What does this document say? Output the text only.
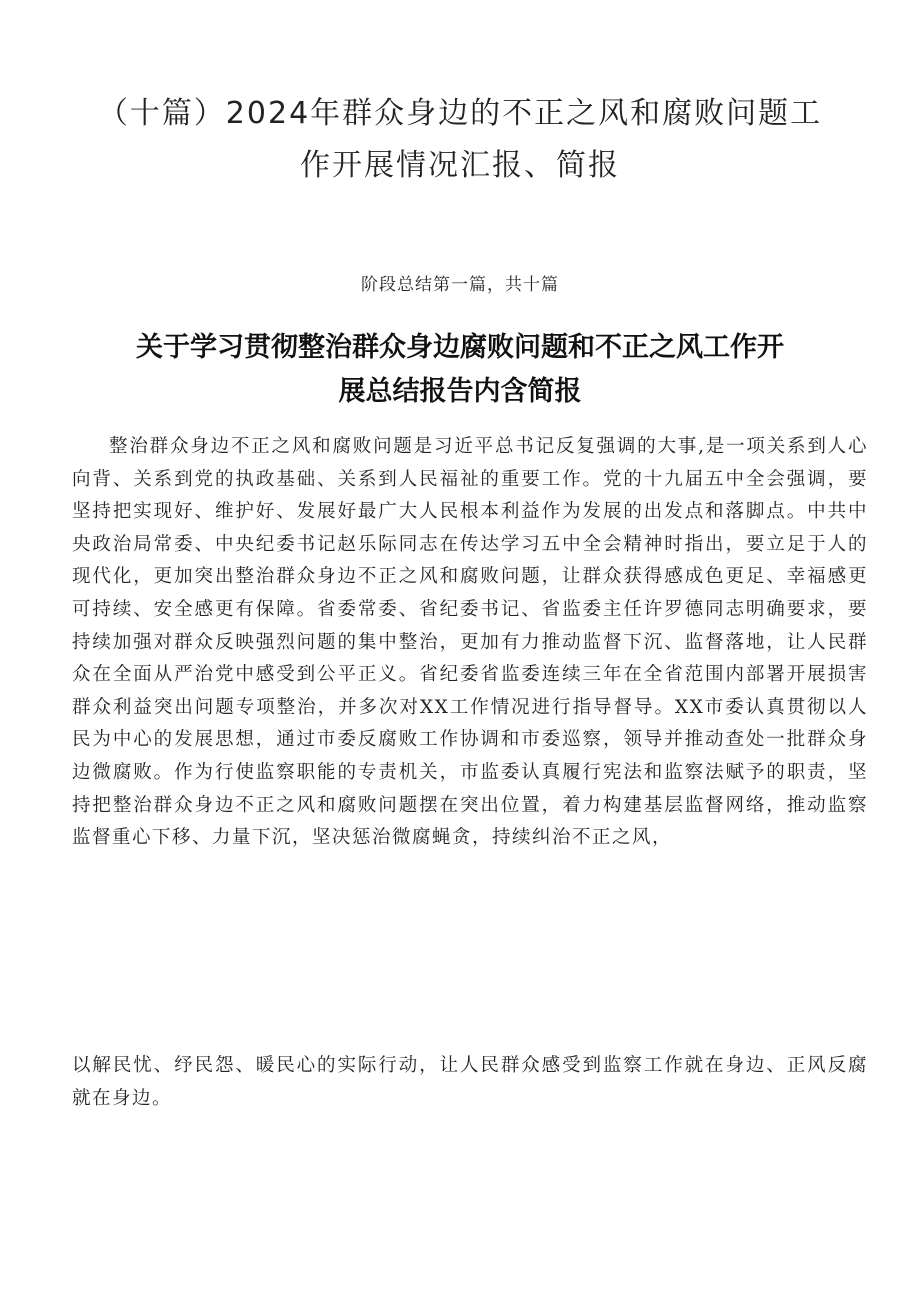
（十篇）2024年群众身边的不正之风和腐败问题工
作开展情况汇报、简报
阶段总结第一篇，共十篇
关于学习贯彻整治群众身边腐败问题和不正之风工作开
展总结报告内含简报

整治群众身边不正之风和腐败问题是习近平总书记反复强调的大事,是一项关系到人心向背、关系到党的执政基础、关系到人民福祉的重要工作。党的十九届五中全会强调，要坚持把实现好、维护好、发展好最广大人民根本利益作为发展的出发点和落脚点。中共中央政治局常委、中央纪委书记赵乐际同志在传达学习五中全会精神时指出，要立足于人的现代化，更加突出整治群众身边不正之风和腐败问题，让群众获得感成色更足、幸福感更可持续、安全感更有保障。省委常委、省纪委书记、省监委主任许罗德同志明确要求，要持续加强对群众反映强烈问题的集中整治，更加有力推动监督下沉、监督落地，让人民群众在全面从严治党中感受到公平正义。省纪委省监委连续三年在全省范围内部署开展损害群众利益突出问题专项整治，并多次对XX工作情况进行指导督导。XX市委认真贯彻以人民为中心的发展思想，通过市委反腐败工作协调和市委巡察，领导并推动查处一批群众身边微腐败。作为行使监察职能的专责机关，市监委认真履行宪法和监察法赋予的职责，坚持把整治群众身边不正之风和腐败问题摆在突出位置，着力构建基层监督网络，推动监察监督重心下移、力量下沉，坚决惩治微腐蝇贪，持续纠治不正之风，

以解民忧、纾民怨、暖民心的实际行动，让人民群众感受到监察工作就在身边、正风反腐就在身边。
